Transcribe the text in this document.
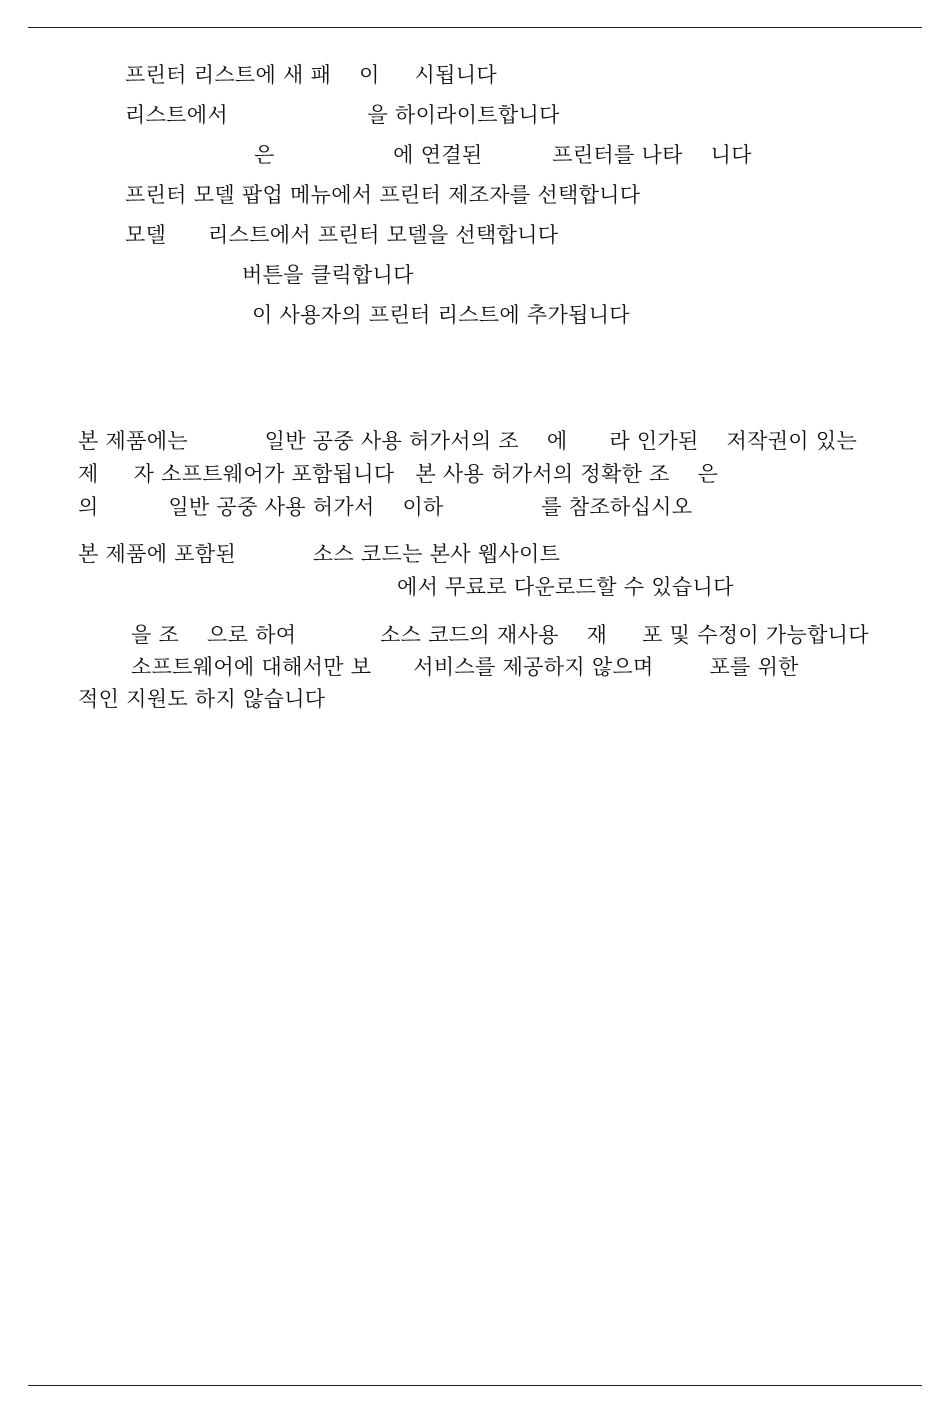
프린터 리스트에 새 패    이     시됩니다
리스트에서                    을 하이라이트합니다
은                 에 연결된          프린터를 나타    니다
프린터 모델 팝업 메뉴에서 프린터 제조자를 선택합니다
모델      리스트에서 프린터 모델을 선택합니다
버튼을 클릭합니다
이 사용자의 프린터 리스트에 추가됩니다
본 제품에는           일반 공중 사용 허가서의 조    에      라 인가된    저작권이 있는
제     자 소프트웨어가 포함됩니다   본 사용 허가서의 정확한 조    은
의          일반 공중 사용 허가서    이하              를 참조하십시오
본 제품에 포함된           소스 코드는 본사 웹사이트
에서 무료로 다운로드할 수 있습니다
을 조    으로 하여            소스 코드의 재사용    재     포 및 수정이 가능합니다
소프트웨어에 대해서만 보      서비스를 제공하지 않으며        포를 위한
적인 지원도 하지 않습니다
